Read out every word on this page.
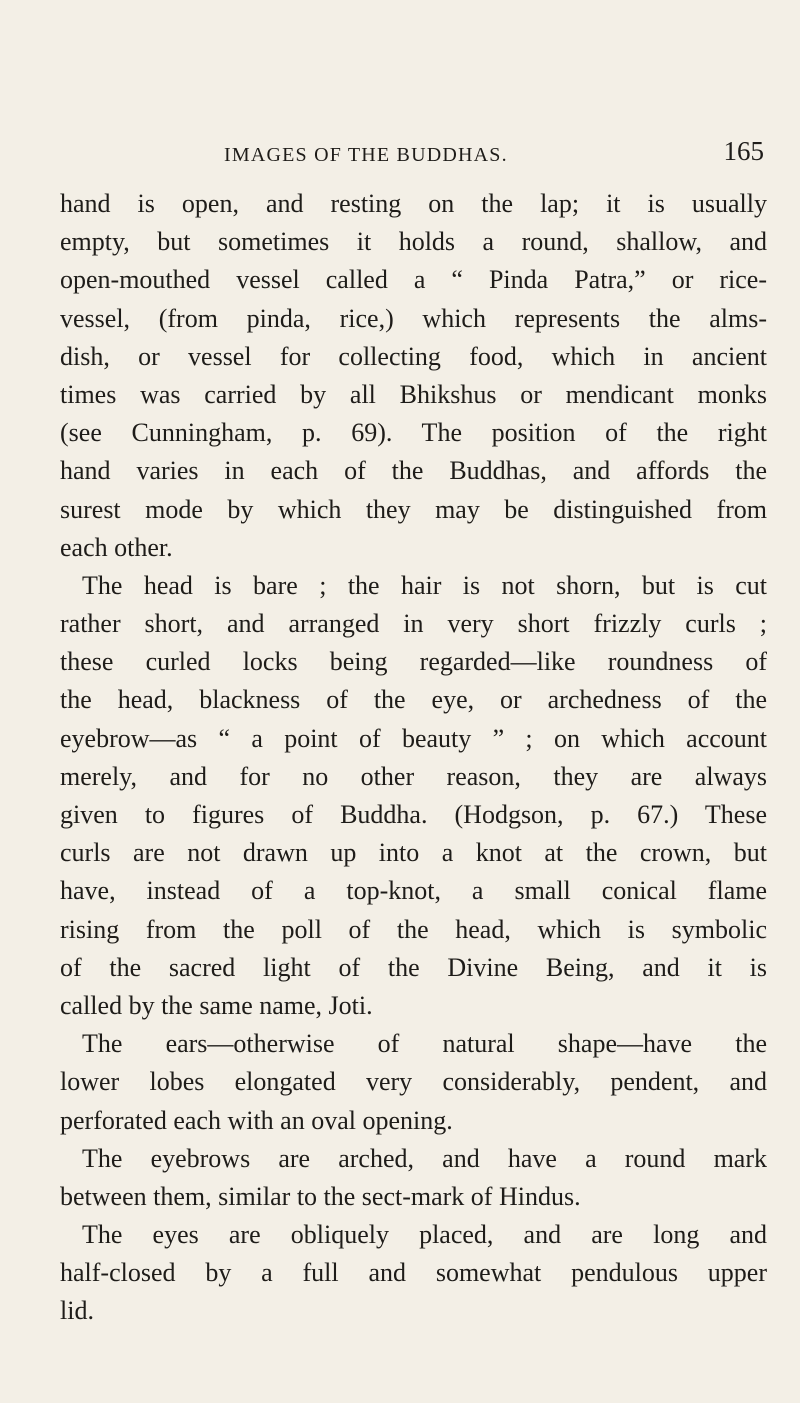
IMAGES OF THE BUDDHAS.	165
hand is open, and resting on the lap; it is usually
empty, but sometimes it holds a round, shallow, and
open-mouthed vessel called a “ Pinda Patra,” or rice-
vessel, (from pinda, rice,) which represents the alms-
dish, or vessel for collecting food, which in ancient
times was carried by all Bhikshus or mendicant monks
(see Cunningham, p. 69). The position of the right
hand varies in each of the Buddhas, and affords the
surest mode by which they may be distinguished from
each other.
The head is bare ; the hair is not shorn, but is cut
rather short, and arranged in very short frizzly curls ;
these curled locks being regarded—like roundness of
the head, blackness of the eye, or archedness of the
eyebrow—as “ a point of beauty ” ; on which account
merely, and for no other reason, they are always
given to figures of Buddha. (Hodgson, p. 67.) These
curls are not drawn up into a knot at the crown, but
have, instead of a top-knot, a small conical flame
rising from the poll of the head, which is symbolic
of the sacred light of the Divine Being, and it is
called by the same name, Joti.
The ears—otherwise of natural shape—have the
lower lobes elongated very considerably, pendent, and
perforated each with an oval opening.
The eyebrows are arched, and have a round mark
between them, similar to the sect-mark of Hindus.
The eyes are obliquely placed, and are long and
half-closed by a full and somewhat pendulous upper
lid.
